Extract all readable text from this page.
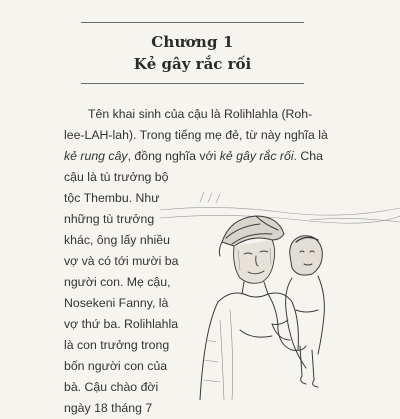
Chương 1
Kẻ gây rắc rối
Tên khai sinh của cậu là Rolihlahla (Roh-
lee-LAH-lah). Trong tiếng mẹ đẻ, từ này nghĩa là
kẻ rung cây, đồng nghĩa với kẻ gây rắc rối. Cha
cậu là tù trưởng bộ
tộc Thembu. Như
những tù trưởng
khác, ông lấy nhiều
vợ và có tới mười ba
người con. Mẹ cậu,
Nosekeni Fanny, là
vợ thứ ba. Rolihlahla
là con trưởng trong
bốn người con của
bà. Cậu chào đời
ngày 18 tháng 7
